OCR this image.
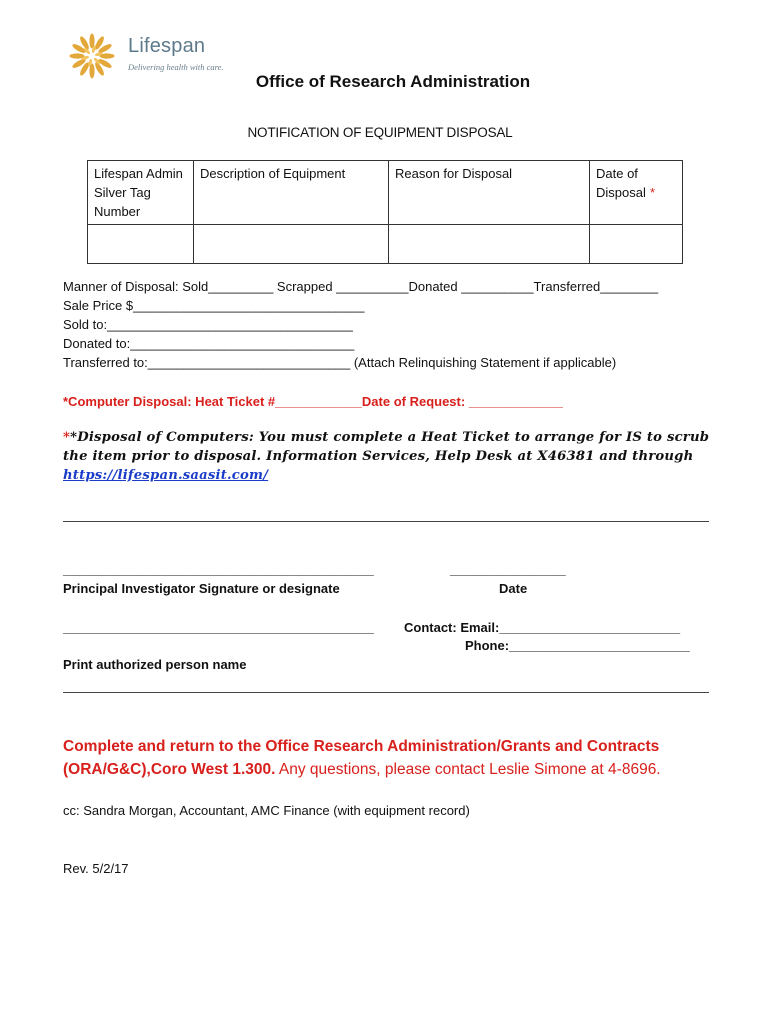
Lifespan
Delivering health with care.
Office of Research Administration
NOTIFICATION OF EQUIPMENT DISPOSAL
Lifespan Admin Silver Tag Number	Description of Equipment	Reason for Disposal	Date of Disposal *

Manner of Disposal: Sold_________ Scrapped __________Donated __________Transferred________
Sale Price $________________________________
Sold to:__________________________________
Donated to:_______________________________
Transferred to:____________________________ (Attach Relinquishing Statement if applicable)
*Computer Disposal: Heat Ticket #____________Date of Request: _____________
**Disposal of Computers: You must complete a Heat Ticket to arrange for IS to scrub the item prior to disposal. Information Services, Help Desk at X46381 and through https://lifespan.saasit.com/
___________________________________________
Principal Investigator Signature or designate
________________
Date
___________________________________________ Contact: Email:_________________________
Phone:_________________________
Print authorized person name
Complete and return to the Office Research Administration/Grants and Contracts (ORA/G&C),Coro West 1.300. Any questions, please contact Leslie Simone at 4-8696.
cc: Sandra Morgan, Accountant, AMC Finance (with equipment record)
Rev. 5/2/17
